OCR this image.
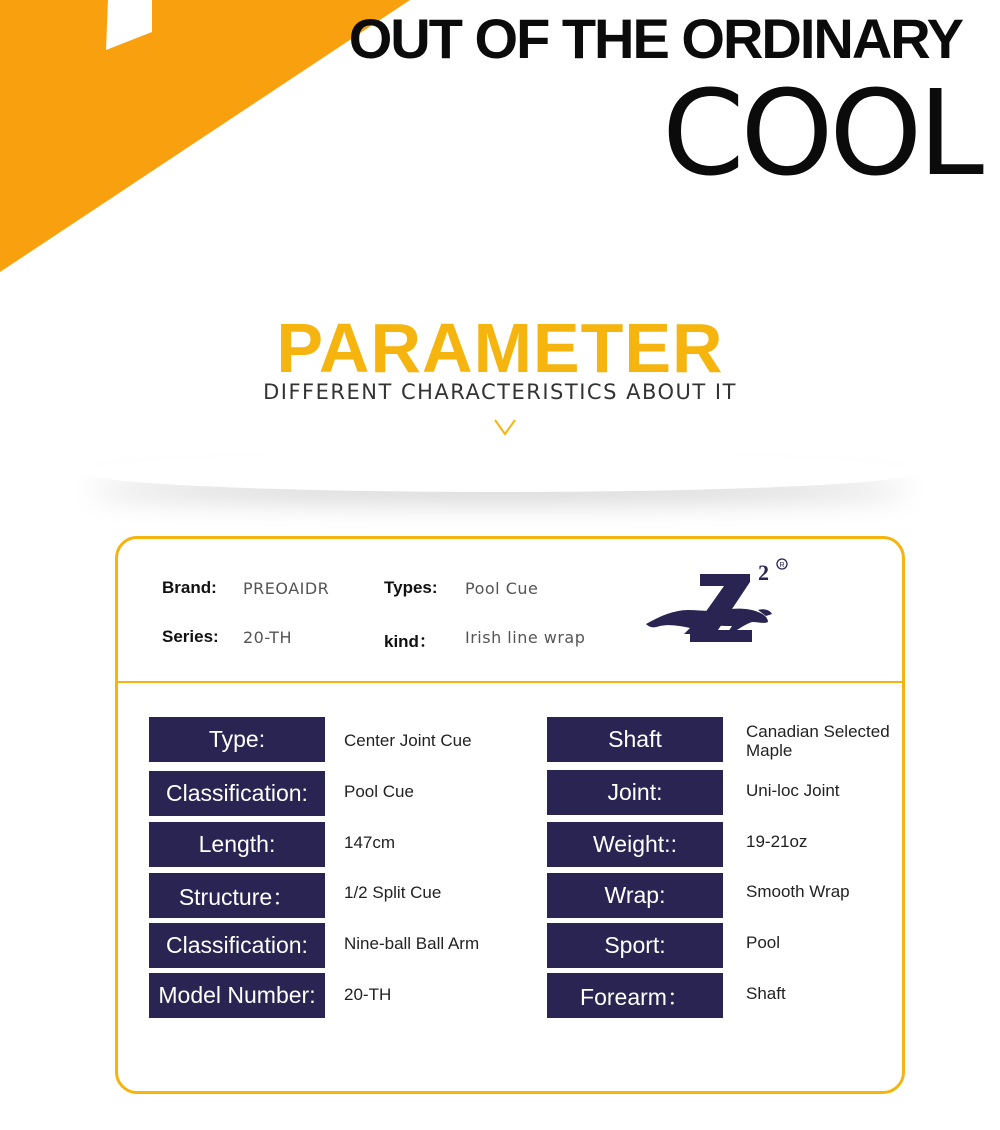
OUT OF THE ORDINARY
COOL
PARAMETER
DIFFERENT CHARACTERISTICS ABOUT IT
Brand: PREOAIDR	Types: Pool Cue
Series: 20-TH	kind： Irish line wrap
2 R
Type:	Center Joint Cue
Classification:	Pool Cue
Length:	147cm
Structure：	1/2 Split Cue
Classification:	Nine-ball Ball Arm
Model Number:	20-TH
Shaft	Canadian Selected Maple
Joint:	Uni-loc Joint
Weight::	19-21oz
Wrap:	Smooth Wrap
Sport:	Pool
Forearm：	Shaft
